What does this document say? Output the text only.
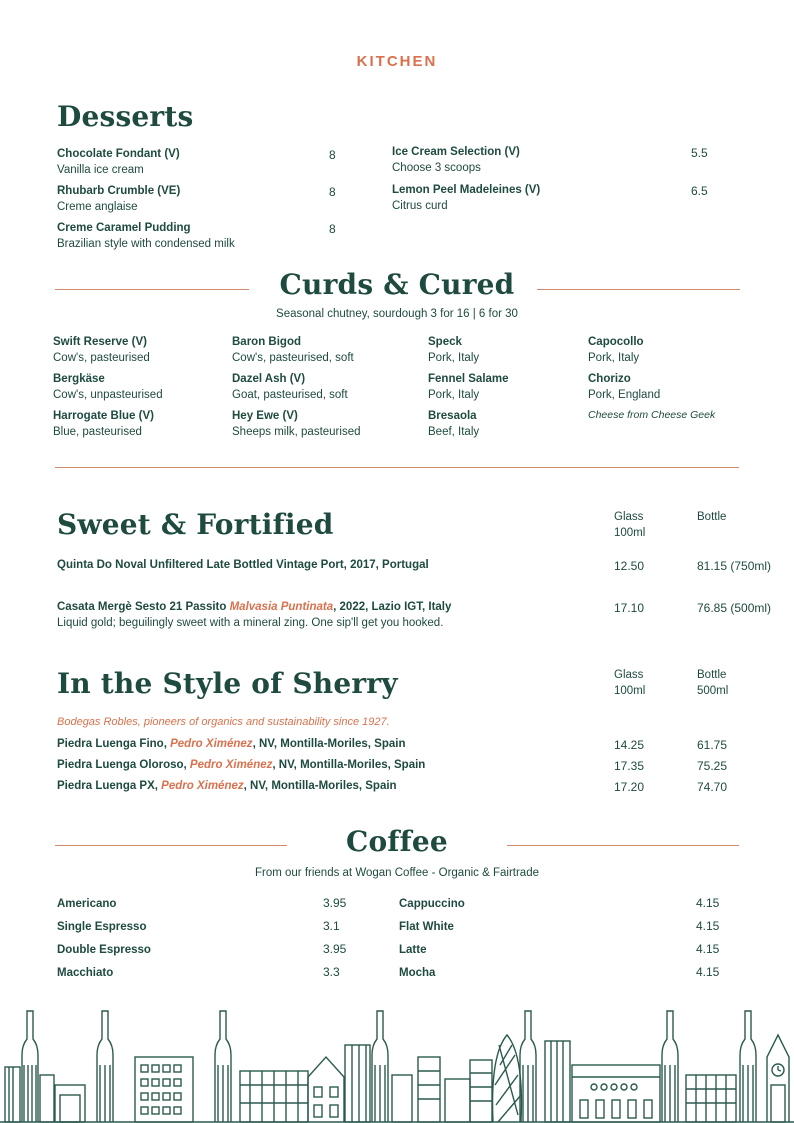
KITCHEN
Desserts
Chocolate Fondant (V)
Vanilla ice cream
8
Rhubarb Crumble (VE)
Creme anglaise
8
Creme Caramel Pudding
Brazilian style with condensed milk
8
Ice Cream Selection (V)
Choose 3 scoops
5.5
Lemon Peel Madeleines (V)
Citrus curd
6.5
Curds & Cured
Seasonal chutney, sourdough 3 for 16 | 6 for 30
Swift Reserve (V)
Cow's, pasteurised
Bergkäse
Cow's, unpasteurised
Harrogate Blue (V)
Blue, pasteurised
Baron Bigod
Cow's, pasteurised, soft
Dazel Ash (V)
Goat, pasteurised, soft
Hey Ewe (V)
Sheeps milk, pasteurised
Speck
Pork, Italy
Fennel Salame
Pork, Italy
Bresaola
Beef, Italy
Capocollo
Pork, Italy
Chorizo
Pork, England
Cheese from Cheese Geek
Sweet & Fortified	Glass
100ml
Bottle
Quinta Do Noval Unfiltered Late Bottled Vintage Port, 2017, Portugal	12.50	81.15 (750ml)
Casata Mergè Sesto 21 Passito Malvasia Puntinata, 2022, Lazio IGT, Italy
Liquid gold; beguilingly sweet with a mineral zing. One sip'll get you hooked.
17.10	76.85 (500ml)
In the Style of Sherry	Glass
100ml
Bottle
500ml
Bodegas Robles, pioneers of organics and sustainability since 1927.
Piedra Luenga Fino, Pedro Ximénez, NV, Montilla-Moriles, Spain	14.25	61.75
Piedra Luenga Oloroso, Pedro Ximénez, NV, Montilla-Moriles, Spain	17.35	75.25
Piedra Luenga PX, Pedro Ximénez, NV, Montilla-Moriles, Spain	17.20	74.70
Coffee
From our friends at Wogan Coffee - Organic & Fairtrade
Americano	3.95
Single Espresso	3.1
Double Espresso	3.95
Macchiato	3.3
Cappuccino	4.15
Flat White	4.15
Latte	4.15
Mocha	4.15
